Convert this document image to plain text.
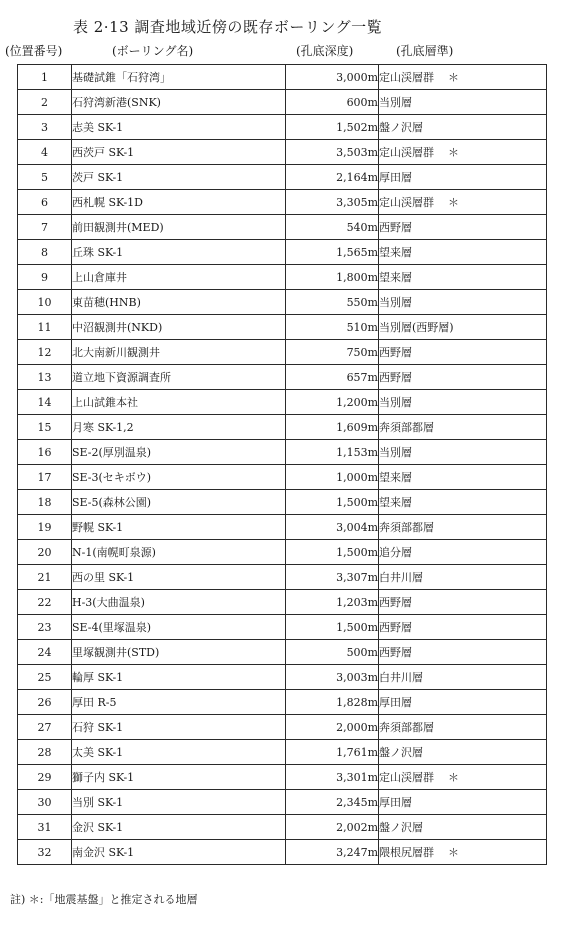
表 2·13 調査地域近傍の既存ボーリング一覧
(位置番号)	(ボーリング名)	(孔底深度)	(孔底層準)
1	基礎試錐「石狩湾」	3,000m	定山渓層群 ＊
2	石狩湾新港(SNK)	600m	当別層
3	志美 SK-1	1,502m	盤ノ沢層
4	西茨戸 SK-1	3,503m	定山渓層群 ＊
5	茨戸 SK-1	2,164m	厚田層
6	西札幌 SK-1D	3,305m	定山渓層群 ＊
7	前田観測井(MED)	540m	西野層
8	丘珠 SK-1	1,565m	望来層
9	上山倉庫井	1,800m	望来層
10	東苗穂(HNB)	550m	当別層
11	中沼観測井(NKD)	510m	当別層(西野層)
12	北大南新川観測井	750m	西野層
13	道立地下資源調査所	657m	西野層
14	上山試錐本社	1,200m	当別層
15	月寒 SK-1,2	1,609m	奔須部都層
16	SE-2(厚別温泉)	1,153m	当別層
17	SE-3(セキボウ)	1,000m	望来層
18	SE-5(森林公園)	1,500m	望来層
19	野幌 SK-1	3,004m	奔須部都層
20	N-1(南幌町泉源)	1,500m	追分層
21	西の里 SK-1	3,307m	白井川層
22	H-3(大曲温泉)	1,203m	西野層
23	SE-4(里塚温泉)	1,500m	西野層
24	里塚観測井(STD)	500m	西野層
25	輪厚 SK-1	3,003m	白井川層
26	厚田 R-5	1,828m	厚田層
27	石狩 SK-1	2,000m	奔須部都層
28	太美 SK-1	1,761m	盤ノ沢層
29	獅子内 SK-1	3,301m	定山渓層群 ＊
30	当別 SK-1	2,345m	厚田層
31	金沢 SK-1	2,002m	盤ノ沢層
32	南金沢 SK-1	3,247m	隈根尻層群 ＊
註) ＊:「地震基盤」と推定される地層
